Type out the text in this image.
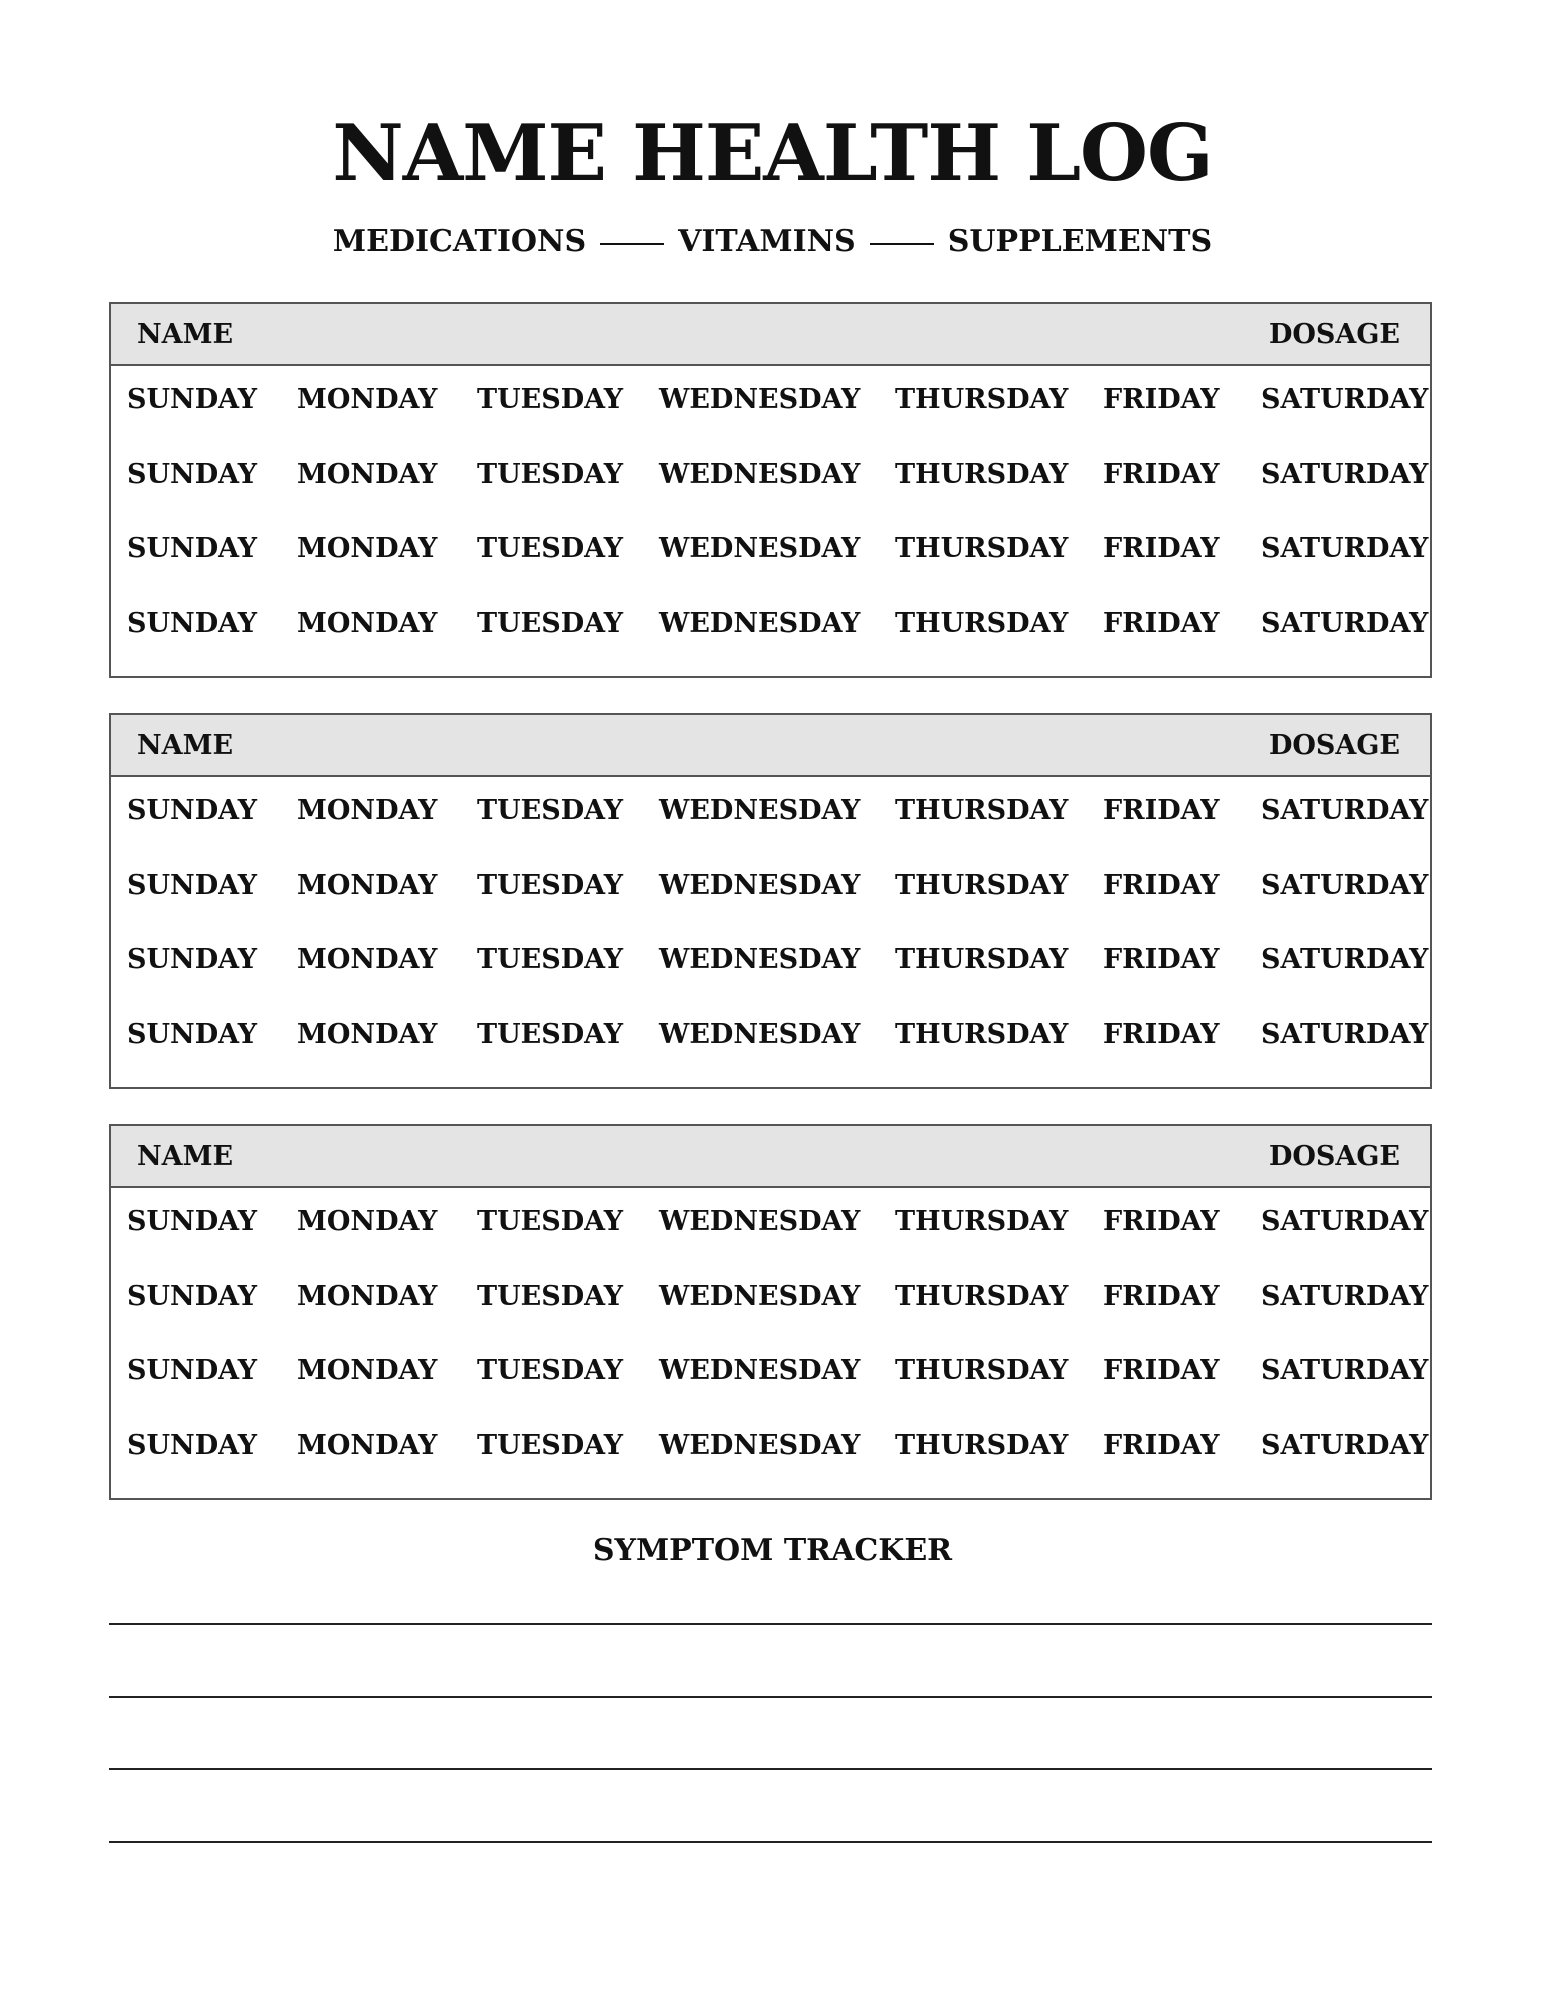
NAME HEALTH LOG
MEDICATIONS	VITAMINS	SUPPLEMENTS
NAME	DOSAGE
SUNDAY MONDAY TUESDAY WEDNESDAY THURSDAY FRIDAY SATURDAY
SUNDAY MONDAY TUESDAY WEDNESDAY THURSDAY FRIDAY SATURDAY
SUNDAY MONDAY TUESDAY WEDNESDAY THURSDAY FRIDAY SATURDAY
SUNDAY MONDAY TUESDAY WEDNESDAY THURSDAY FRIDAY SATURDAY
NAME	DOSAGE
SUNDAY MONDAY TUESDAY WEDNESDAY THURSDAY FRIDAY SATURDAY
SUNDAY MONDAY TUESDAY WEDNESDAY THURSDAY FRIDAY SATURDAY
SUNDAY MONDAY TUESDAY WEDNESDAY THURSDAY FRIDAY SATURDAY
SUNDAY MONDAY TUESDAY WEDNESDAY THURSDAY FRIDAY SATURDAY
NAME	DOSAGE
SUNDAY MONDAY TUESDAY WEDNESDAY THURSDAY FRIDAY SATURDAY
SUNDAY MONDAY TUESDAY WEDNESDAY THURSDAY FRIDAY SATURDAY
SUNDAY MONDAY TUESDAY WEDNESDAY THURSDAY FRIDAY SATURDAY
SUNDAY MONDAY TUESDAY WEDNESDAY THURSDAY FRIDAY SATURDAY
SYMPTOM TRACKER
